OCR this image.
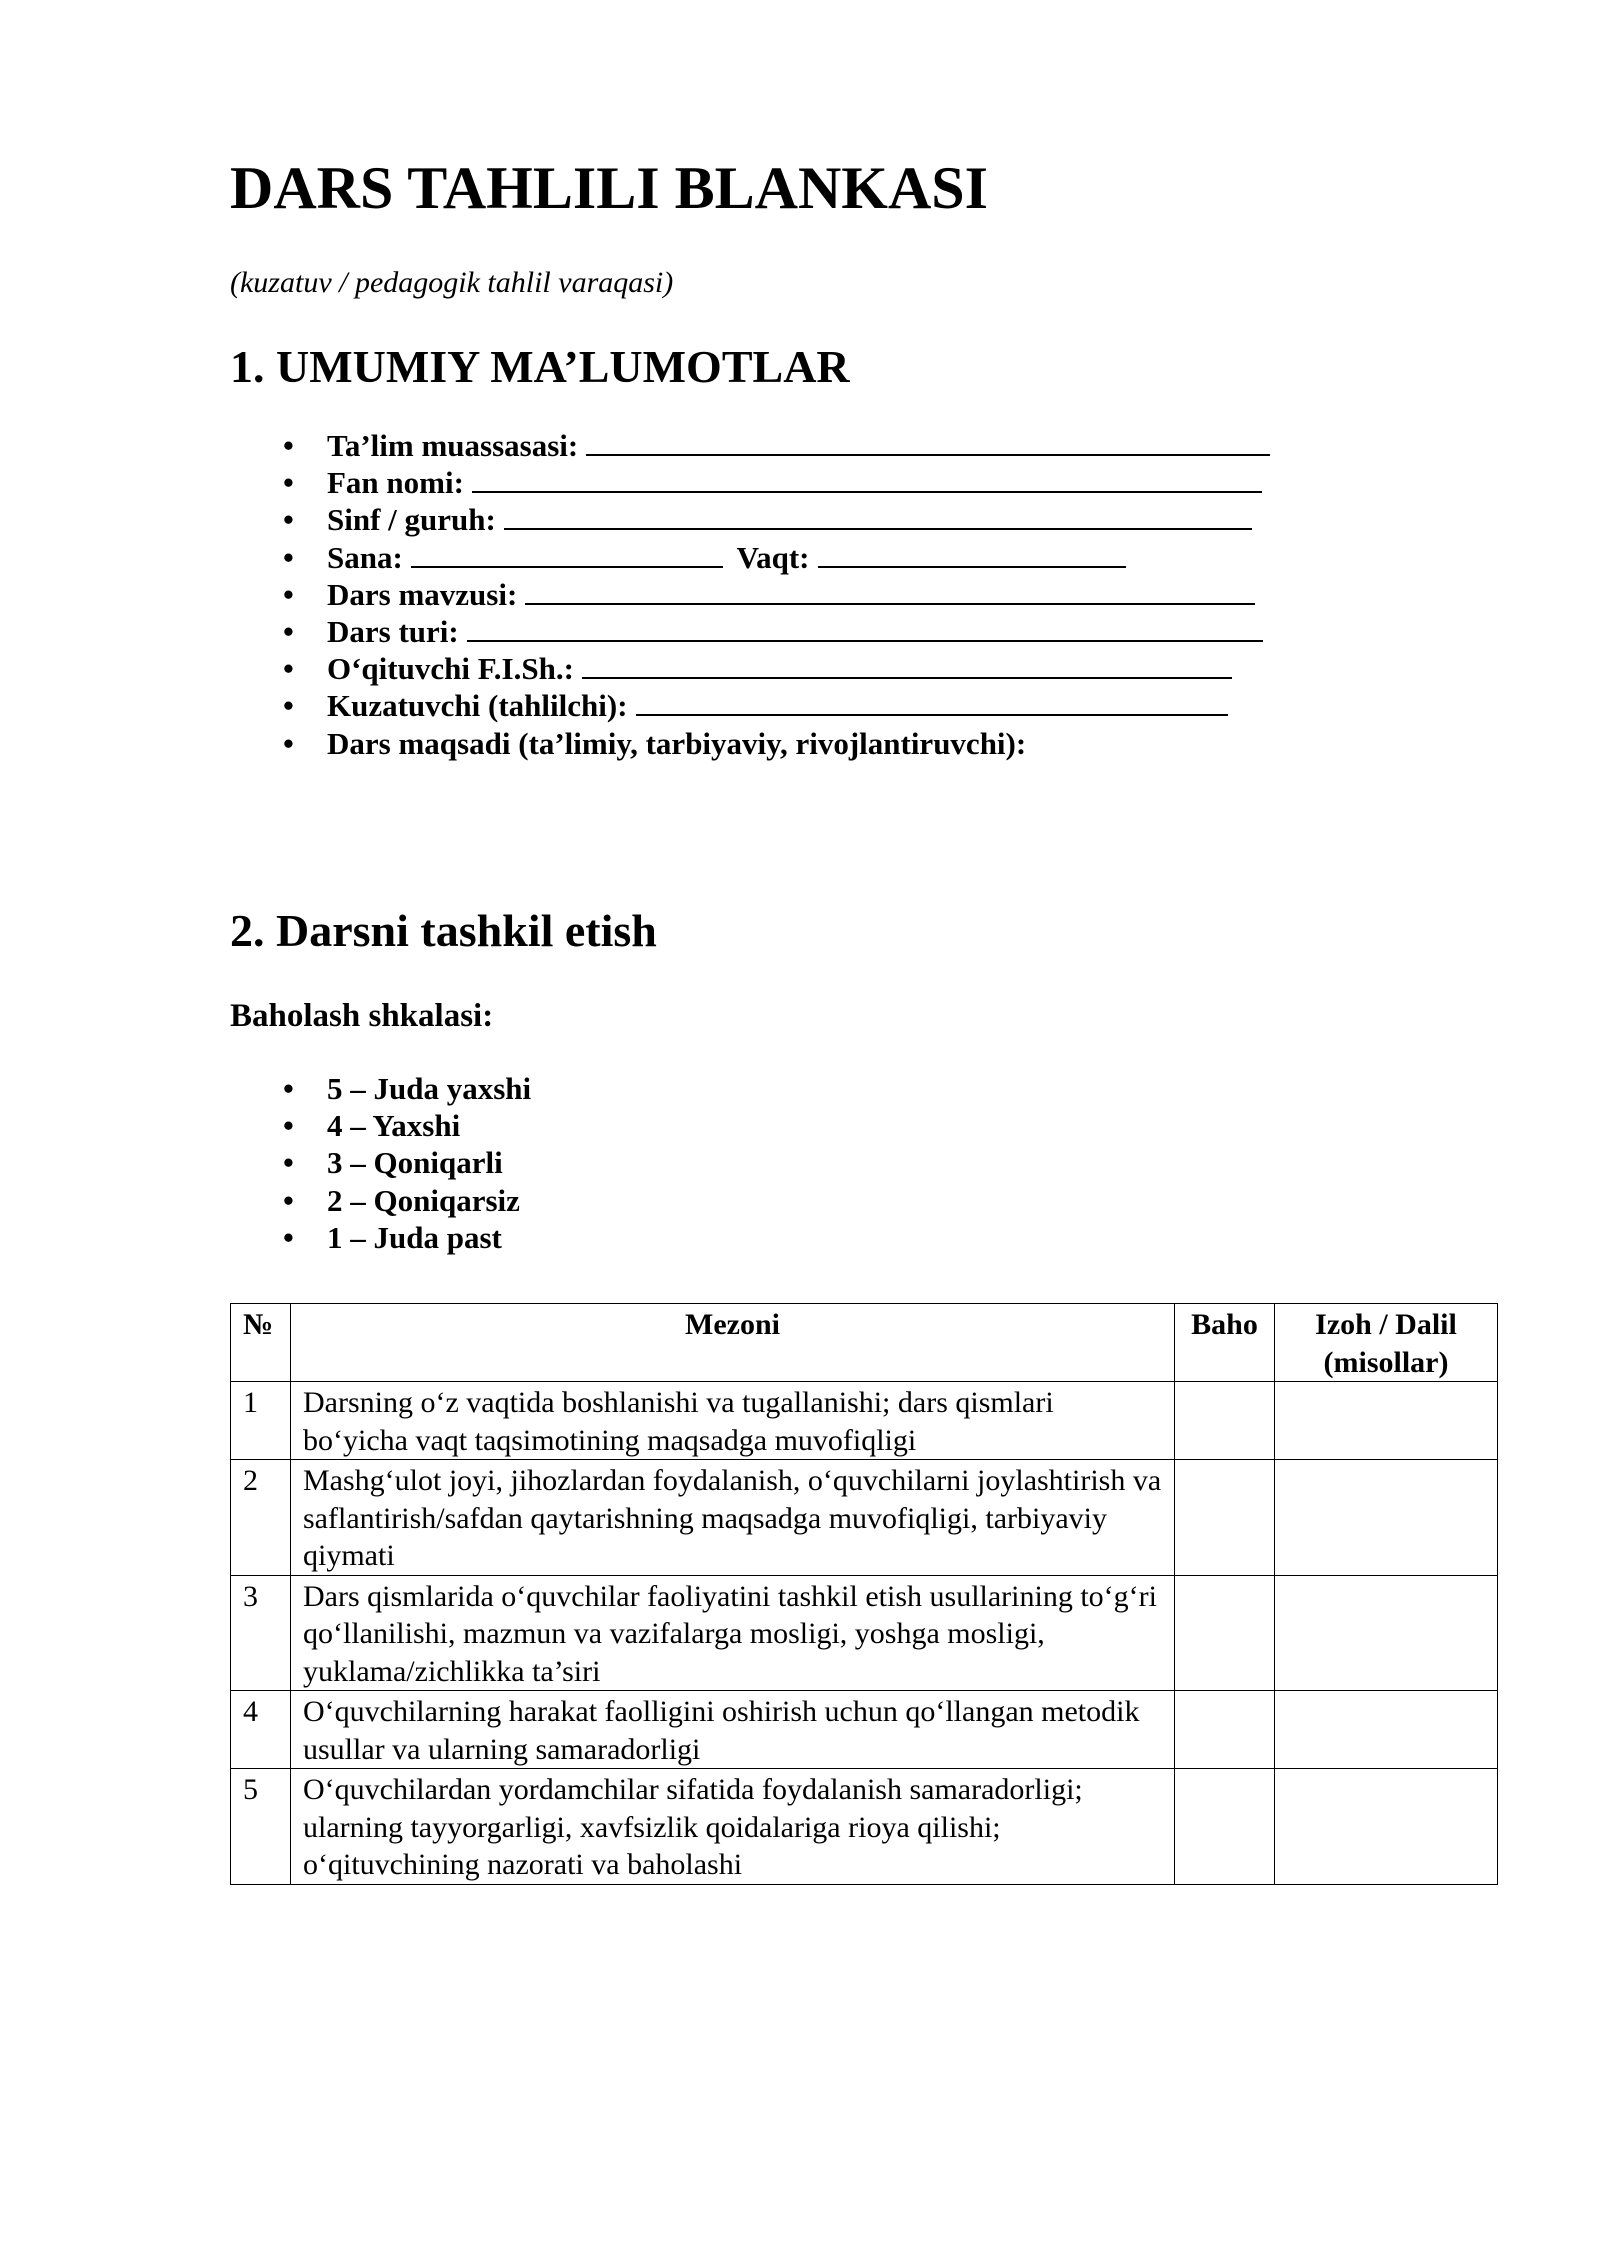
DARS TAHLILI BLANKASI

(kuzatuv / pedagogik tahlil varaqasi)

1. UMUMIY MA’LUMOTLAR
• Ta’lim muassasasi:
• Fan nomi:
• Sinf / guruh:
• Sana:	Vaqt:
• Dars mavzusi:
• Dars turi:
• O‘qituvchi F.I.Sh.:
• Kuzatuvchi (tahlilchi):
• Dars maqsadi (ta’limiy, tarbiyaviy, rivojlantiruvchi):
2. Darsni tashkil etish
Baholash shkalasi:
• 5 – Juda yaxshi
• 4 – Yaxshi
• 3 – Qoniqarli
• 2 – Qoniqarsiz
• 1 – Juda past
№	Mezoni	Baho	Izoh / Dalil (misollar)
1	Darsning o‘z vaqtida boshlanishi va tugallanishi; dars qismlari bo‘yicha vaqt taqsimotining maqsadga muvofiqligi		
2	Mashg‘ulot joyi, jihozlardan foydalanish, o‘quvchilarni joylashtirish va saflantirish/safdan qaytarishning maqsadga muvofiqligi, tarbiyaviy qiymati		
3	Dars qismlarida o‘quvchilar faoliyatini tashkil etish usullarining to‘g‘ri qo‘llanilishi, mazmun va vazifalarga mosligi, yoshga mosligi, yuklama/zichlikka ta’siri		
4	O‘quvchilarning harakat faolligini oshirish uchun qo‘llangan metodik usullar va ularning samaradorligi		
5	O‘quvchilardan yordamchilar sifatida foydalanish samaradorligi; ularning tayyorgarligi, xavfsizlik qoidalariga rioya qilishi; o‘qituvchining nazorati va baholashi		
